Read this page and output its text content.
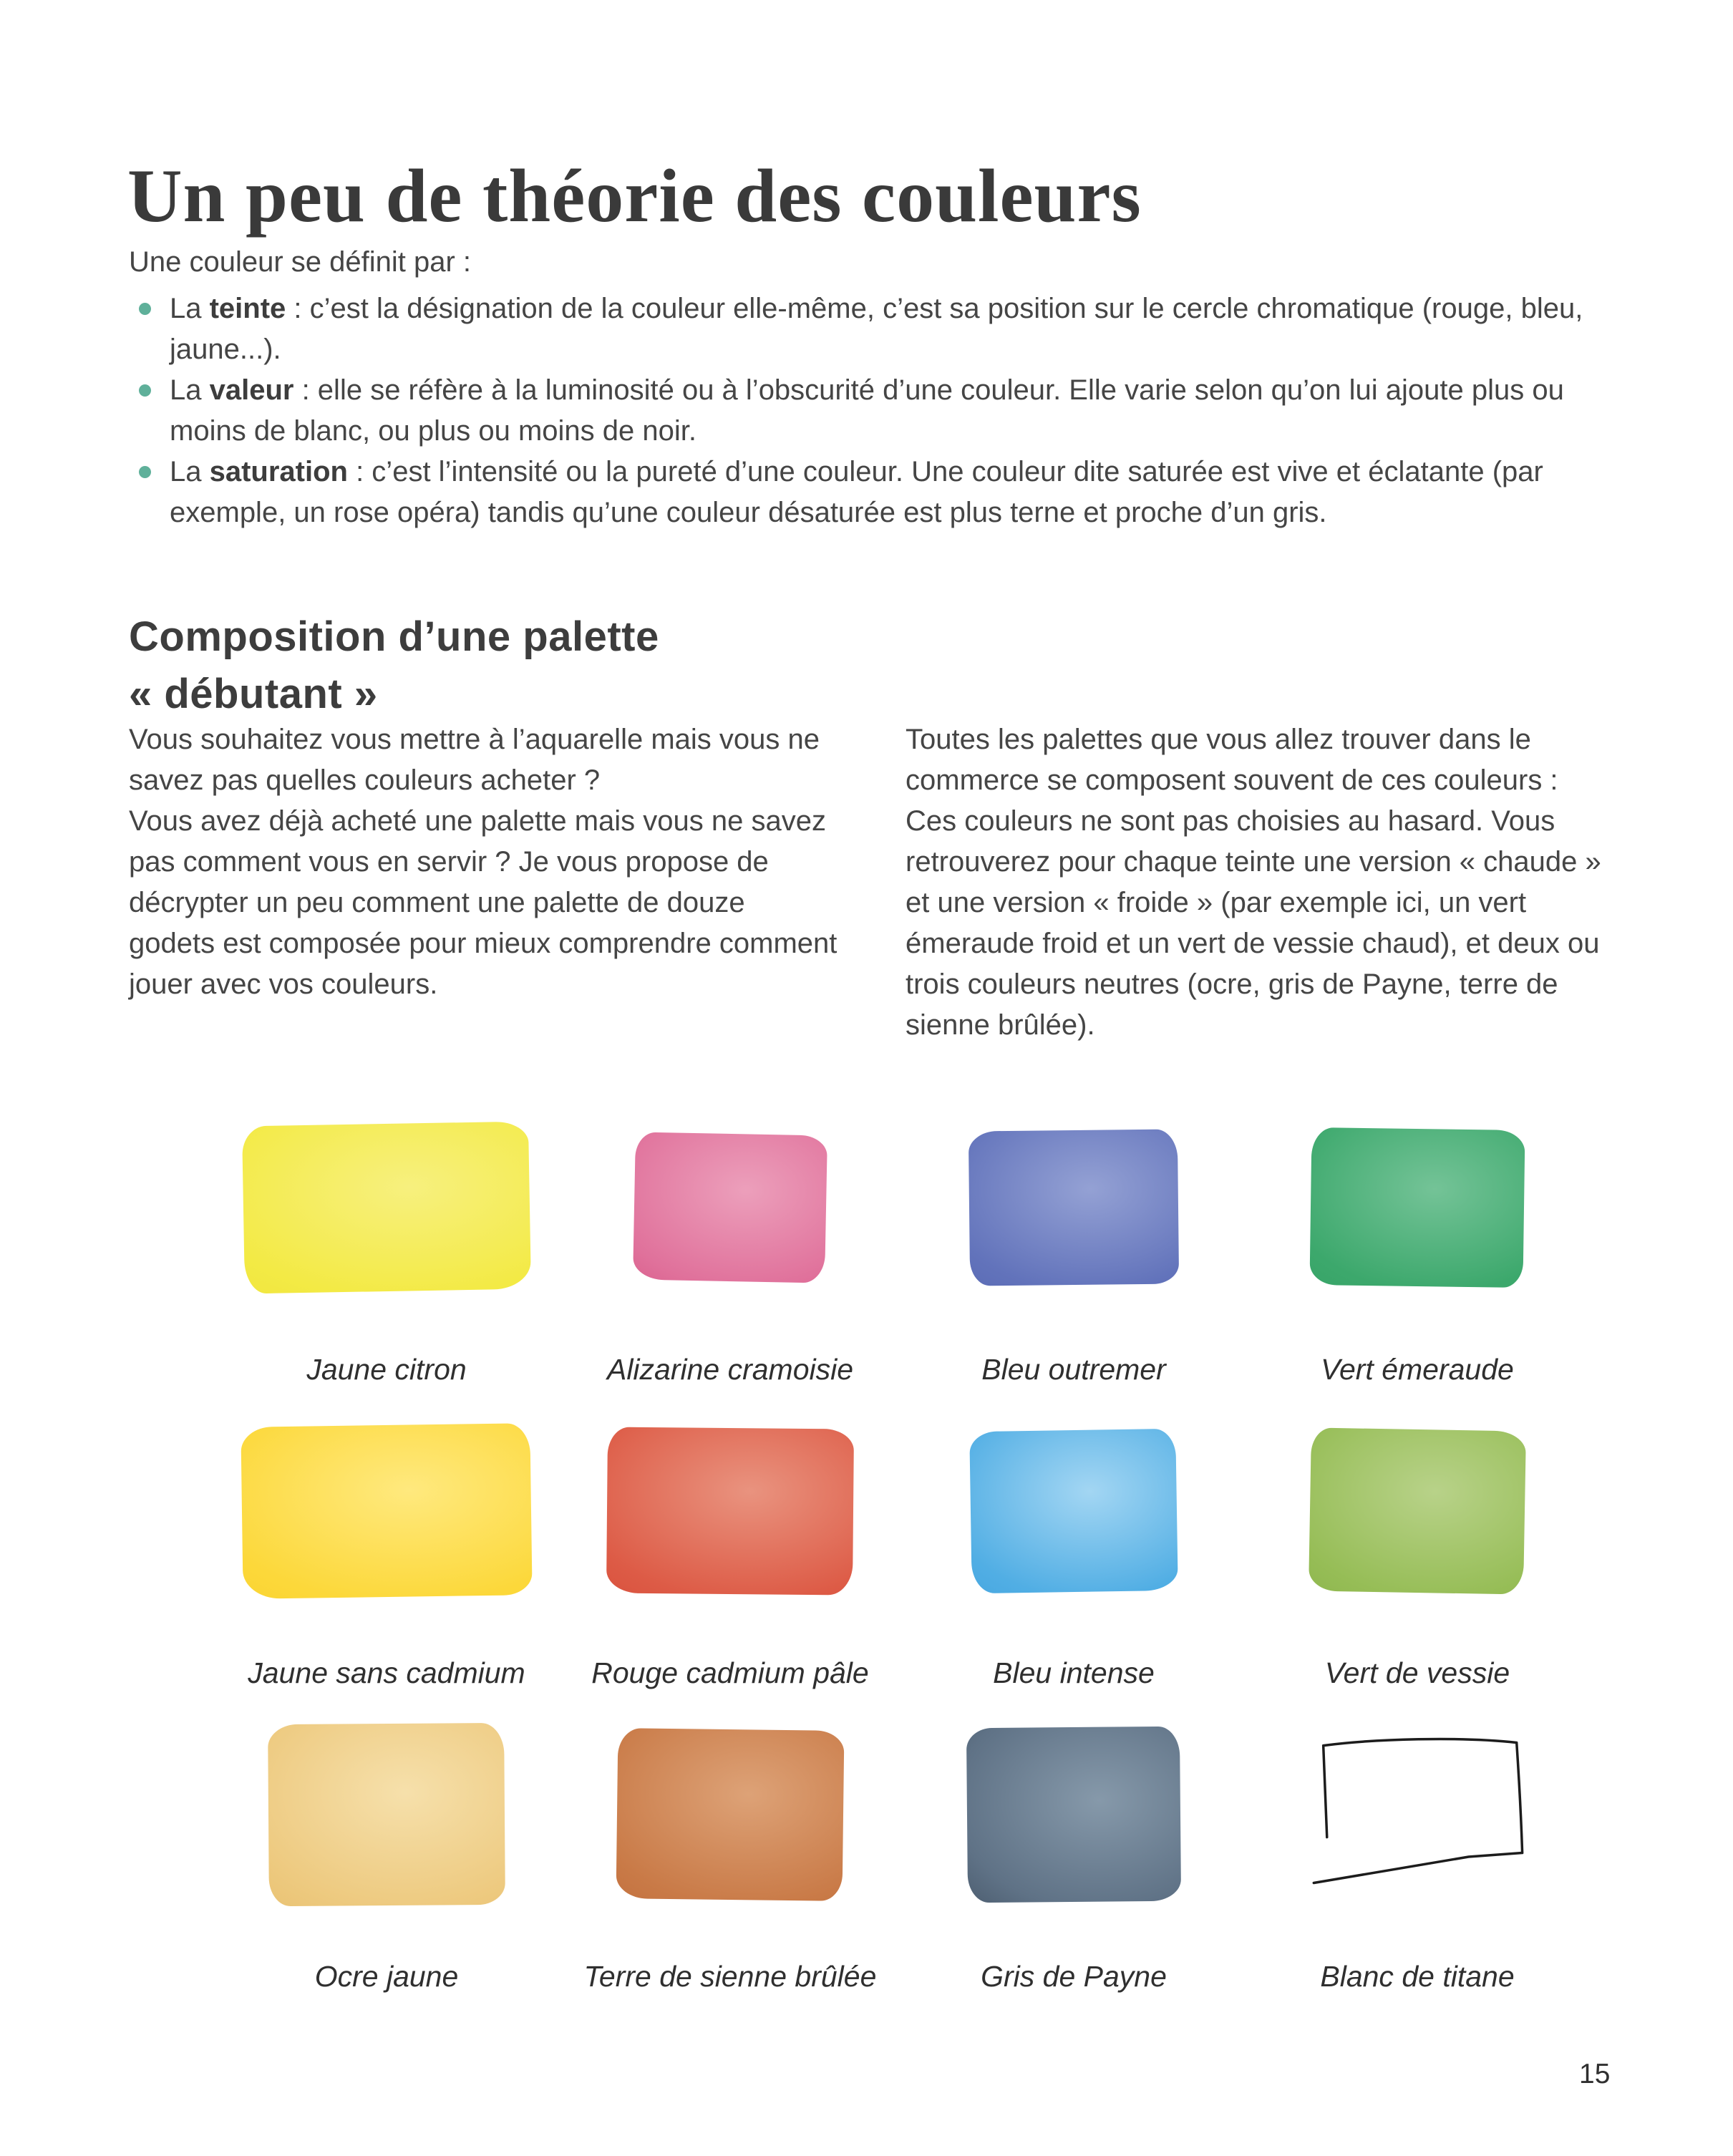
Un peu de théorie des couleurs

Une couleur se définit par :

La teinte : c’est la désignation de la couleur elle-même, c’est sa position sur le cercle chromatique (rouge, bleu, jaune...).
La valeur : elle se réfère à la luminosité ou à l’obscurité d’une couleur. Elle varie selon qu’on lui ajoute plus ou moins de blanc, ou plus ou moins de noir.
La saturation : c’est l’intensité ou la pureté d’une couleur. Une couleur dite saturée est vive et éclatante (par exemple, un rose opéra) tandis qu’une couleur désaturée est plus terne et proche d’un gris.
Composition d’une palette
« débutant »

Vous souhaitez vous mettre à l’aquarelle mais vous ne savez pas quelles couleurs acheter ?

Vous avez déjà acheté une palette mais vous ne savez pas comment vous en servir ? Je vous propose de décrypter un peu comment une palette de douze godets est composée pour mieux comprendre comment jouer avec vos couleurs.

Toutes les palettes que vous allez trouver dans le commerce se composent souvent de ces couleurs :

Ces couleurs ne sont pas choisies au hasard. Vous retrouverez pour chaque teinte une version « chaude » et une version « froide » (par exemple ici, un vert émeraude froid et un vert de vessie chaud), et deux ou trois couleurs neutres (ocre, gris de Payne, terre de sienne brûlée).

Jaune citron	Alizarine cramoisie	Bleu outremer	Vert émeraude
Jaune sans cadmium Rouge cadmium pâle	Bleu intense	Vert de vessie
Ocre jaune	Terre de sienne brûlée	Gris de Payne	Blanc de titane
15
